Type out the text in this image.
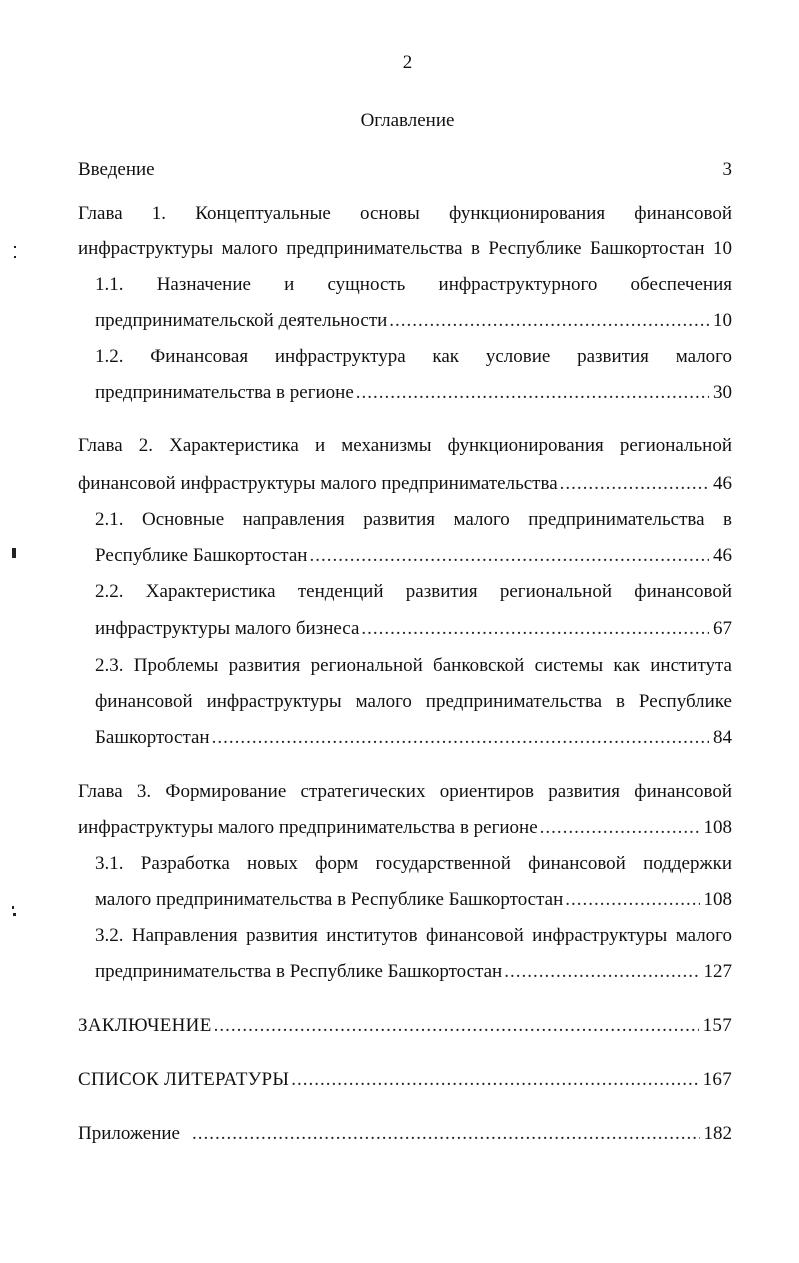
2
Оглавление
Введение	3
Глава 1. Концептуальные основы функционирования финансовой
инфраструктуры малого предпринимательства в Республике Башкортостан 10
1.1. Назначение и сущность инфраструктурного обеспечения
предпринимательской деятельности .....	10
1.2. Финансовая инфраструктура как условие развития малого
предпринимательства в регионе .....	30
Глава 2. Характеристика и механизмы функционирования региональной
финансовой инфраструктуры малого предпринимательства .....	46
2.1. Основные направления развития малого предпринимательства в
Республике Башкортостан .....	46
2.2. Характеристика тенденций развития региональной финансовой
инфраструктуры малого бизнеса .....	67
2.3. Проблемы развития региональной банковской системы как института
финансовой инфраструктуры малого предпринимательства в Республике
Башкортостан .....	84
Глава 3. Формирование стратегических ориентиров развития финансовой
инфраструктуры малого предпринимательства в регионе .....	108
3.1. Разработка новых форм государственной финансовой поддержки
малого предпринимательства в Республике Башкортостан .....	108
3.2. Направления развития институтов финансовой инфраструктуры малого
предпринимательства в Республике Башкортостан .....	127
ЗАКЛЮЧЕНИЕ .....	157
СПИСОК ЛИТЕРАТУРЫ .....	167
Приложение .....	182
